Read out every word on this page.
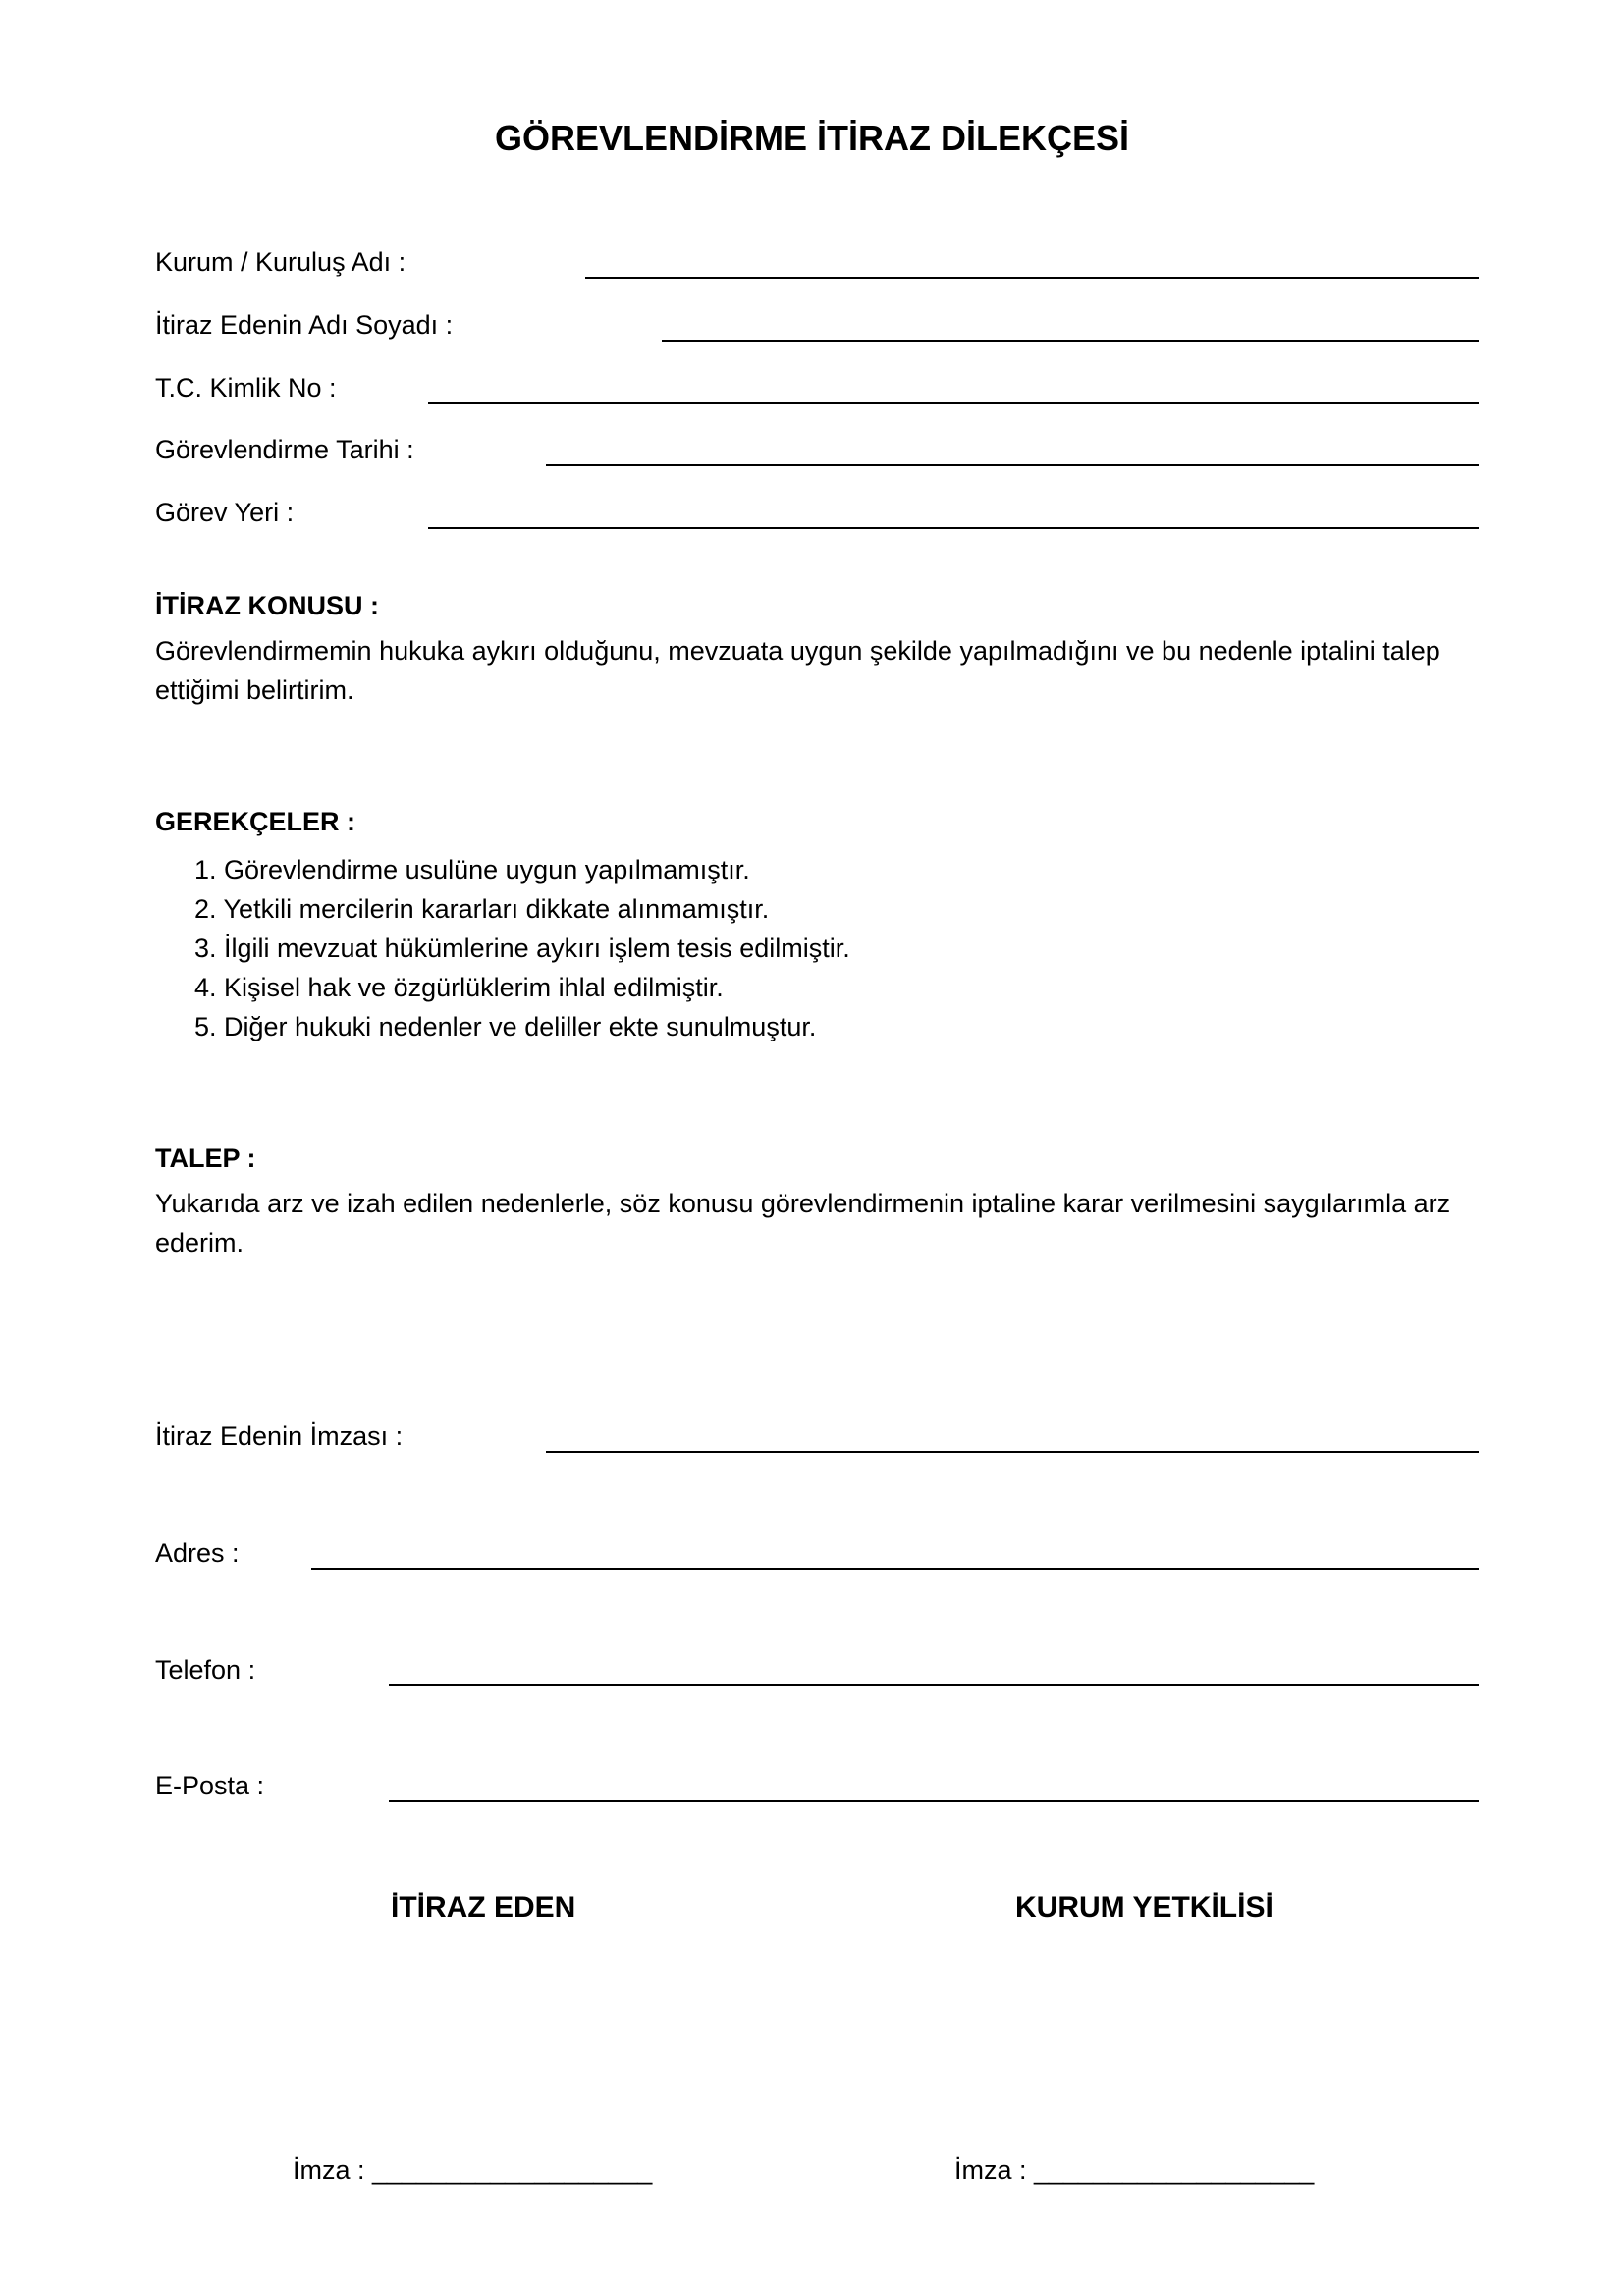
GÖREVLENDİRME İTİRAZ DİLEKÇESİ
Kurum / Kuruluş Adı :
İtiraz Edenin Adı Soyadı :
T.C. Kimlik No :
Görevlendirme Tarihi :
Görev Yeri :
İTİRAZ KONUSU :
Görevlendirmemin hukuka aykırı olduğunu, mevzuata uygun şekilde yapılmadığını ve bu nedenle iptalini talep ettiğimi belirtirim.
GEREKÇELER :
1. Görevlendirme usulüne uygun yapılmamıştır.
2. Yetkili mercilerin kararları dikkate alınmamıştır.
3. İlgili mevzuat hükümlerine aykırı işlem tesis edilmiştir.
4. Kişisel hak ve özgürlüklerim ihlal edilmiştir.
5. Diğer hukuki nedenler ve deliller ekte sunulmuştur.
TALEP :
Yukarıda arz ve izah edilen nedenlerle, söz konusu görevlendirmenin iptaline karar verilmesini saygılarımla arz ederim.
İtiraz Edenin İmzası :
Adres :
Telefon :
E-Posta :
İTİRAZ EDEN	KURUM YETKİLİSİ
İmza : ___________________	İmza : ___________________
